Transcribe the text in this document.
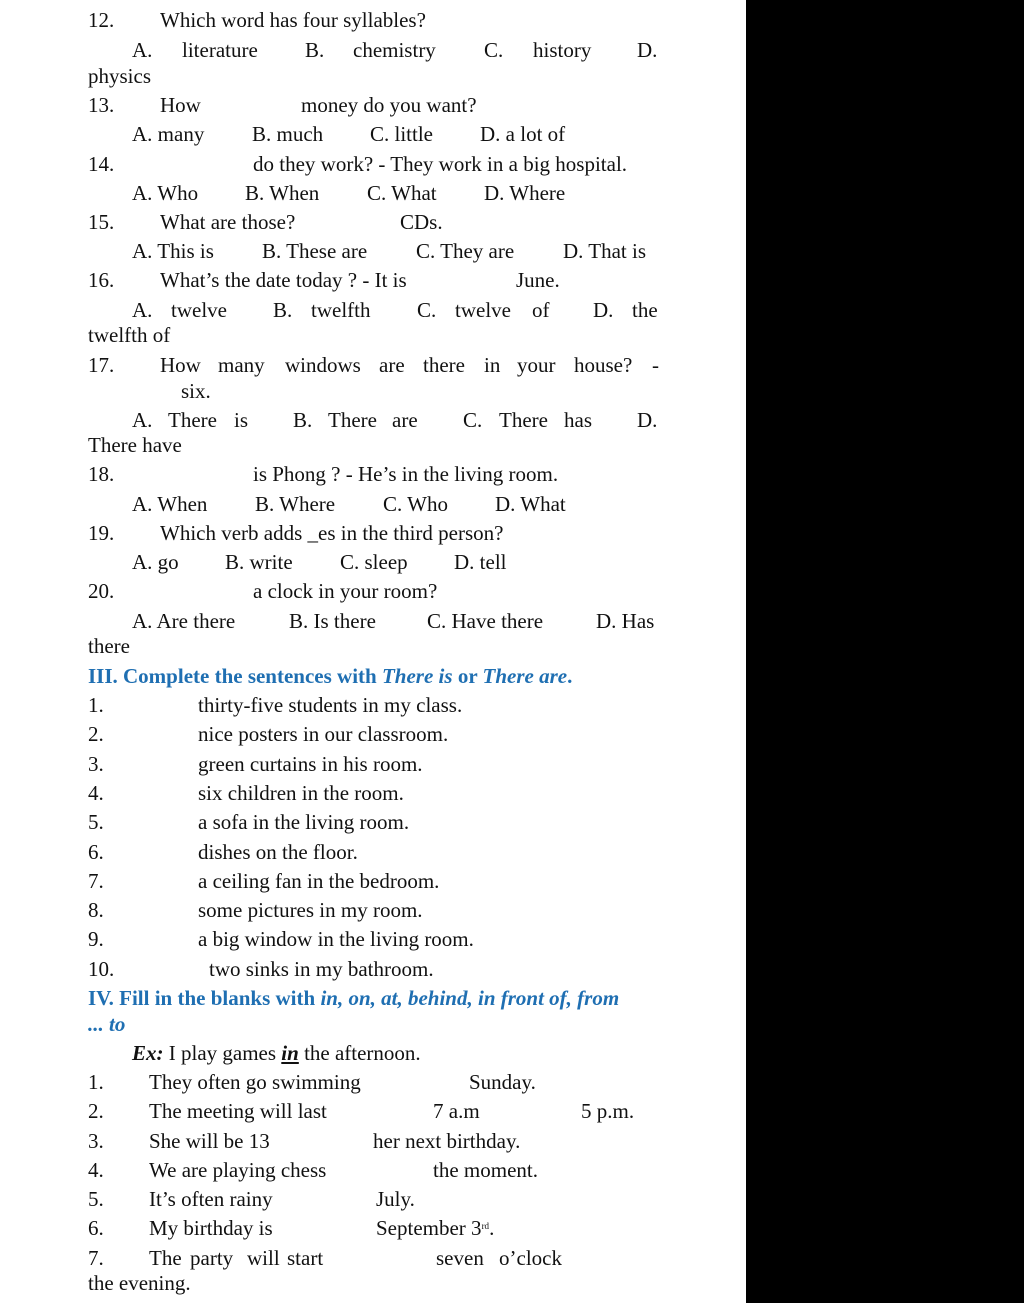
12. Which word has four syllables?
A. literature B. chemistry C. history D.
physics
13. How	money do you want?
A. many B. much C. little D. a lot of
14.	do they work? - They work in a big hospital.
A. Who B. When C. What D. Where
15. What are those?	CDs.
A. This is B. These are C. They are D. That is
16. What’s the date today ? - It is	June.
A. twelve B. twelfth C. twelve of D. the
twelfth of
17. How many windows are there in your house? -
six.
A. There is B. There are C. There has D.
There have
18.	is Phong ? - He’s in the living room.
A. When B. Where C. Who D. What
19. Which verb adds _es in the third person?
A. go B. write C. sleep D. tell
20.	a clock in your room?
A. Are there	B. Is there C. Have there	D. Has
there
III. Complete the sentences with There is or There are.
1.	thirty-five students in my class.
2.	nice posters in our classroom.
3.	green curtains in his room.
4.	six children in the room.
5.	a sofa in the living room.
6.	dishes on the floor.
7.	a ceiling fan in the bedroom.
8.	some pictures in my room.
9.	a big window in the living room.
10.	two sinks in my bathroom.
IV. Fill in the blanks with in, on, at, behind, in front of, from
... to
Ex: I play games in the afternoon.
1. They often go swimming	Sunday.
2. The meeting will last	7 a.m	5 p.m.
3. She will be 13	her next birthday.
4. We are playing chess	the moment.
5. It’s often rainy	July.
6. My birthday is	September 3rd.
7. The party will start	seven o’clock
the evening.
